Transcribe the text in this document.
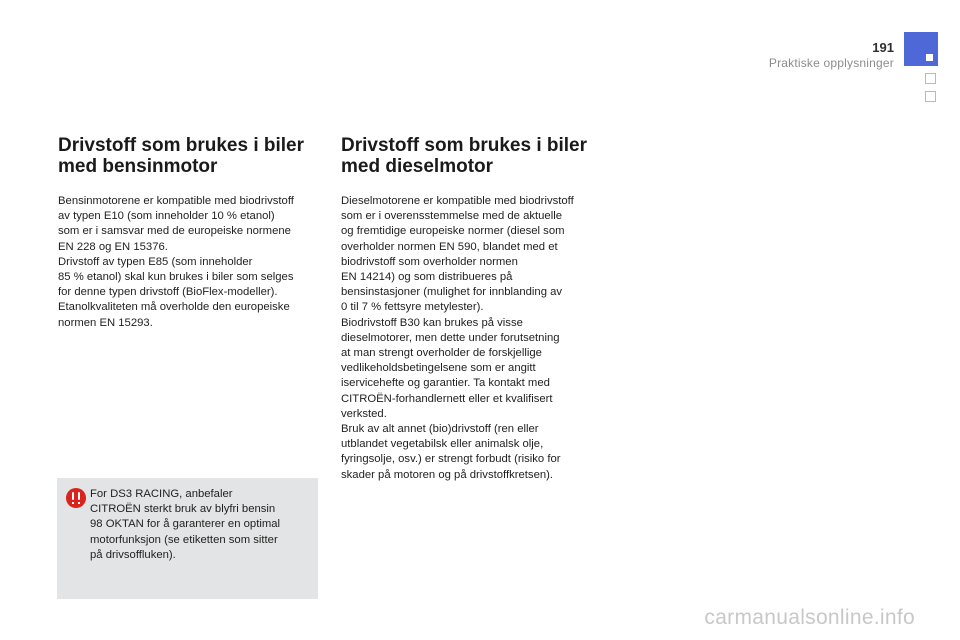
191
Praktiske opplysninger
Drivstoff som brukes i biler
med bensinmotor

Bensinmotorene er kompatible med biodrivstoff

av typen E10 (som inneholder 10 % etanol)

som er i samsvar med de europeiske normene

EN 228 og EN 15376.

Drivstoff av typen E85 (som inneholder

85 % etanol) skal kun brukes i biler som selges

for denne typen drivstoff (BioFlex-modeller).

Etanolkvaliteten må overholde den europeiske

normen EN 15293.

For DS3 RACING, anbefaler

CITROËN sterkt bruk av blyfri bensin

98 OKTAN for å garanterer en optimal

motorfunksjon (se etiketten som sitter

på drivsoffluken).

Drivstoff som brukes i biler
med dieselmotor

Dieselmotorene er kompatible med biodrivstoff

som er i overensstemmelse med de aktuelle

og fremtidige europeiske normer (diesel som

overholder normen EN 590, blandet med et

biodrivstoff som overholder normen

EN 14214) og som distribueres på

bensinstasjoner (mulighet for innblanding av

0 til 7 % fettsyre metylester).

Biodrivstoff B30 kan brukes på visse

dieselmotorer, men dette under forutsetning

at man strengt overholder de forskjellige

vedlikeholdsbetingelsene som er angitt

iservicehefte og garantier. Ta kontakt med

CITROËN-forhandlernett eller et kvalifisert

verksted.

Bruk av alt annet (bio)drivstoff (ren eller

utblandet vegetabilsk eller animalsk olje,

fyringsolje, osv.) er strengt forbudt (risiko for

skader på motoren og på drivstoffkretsen).

carmanualsonline.info
